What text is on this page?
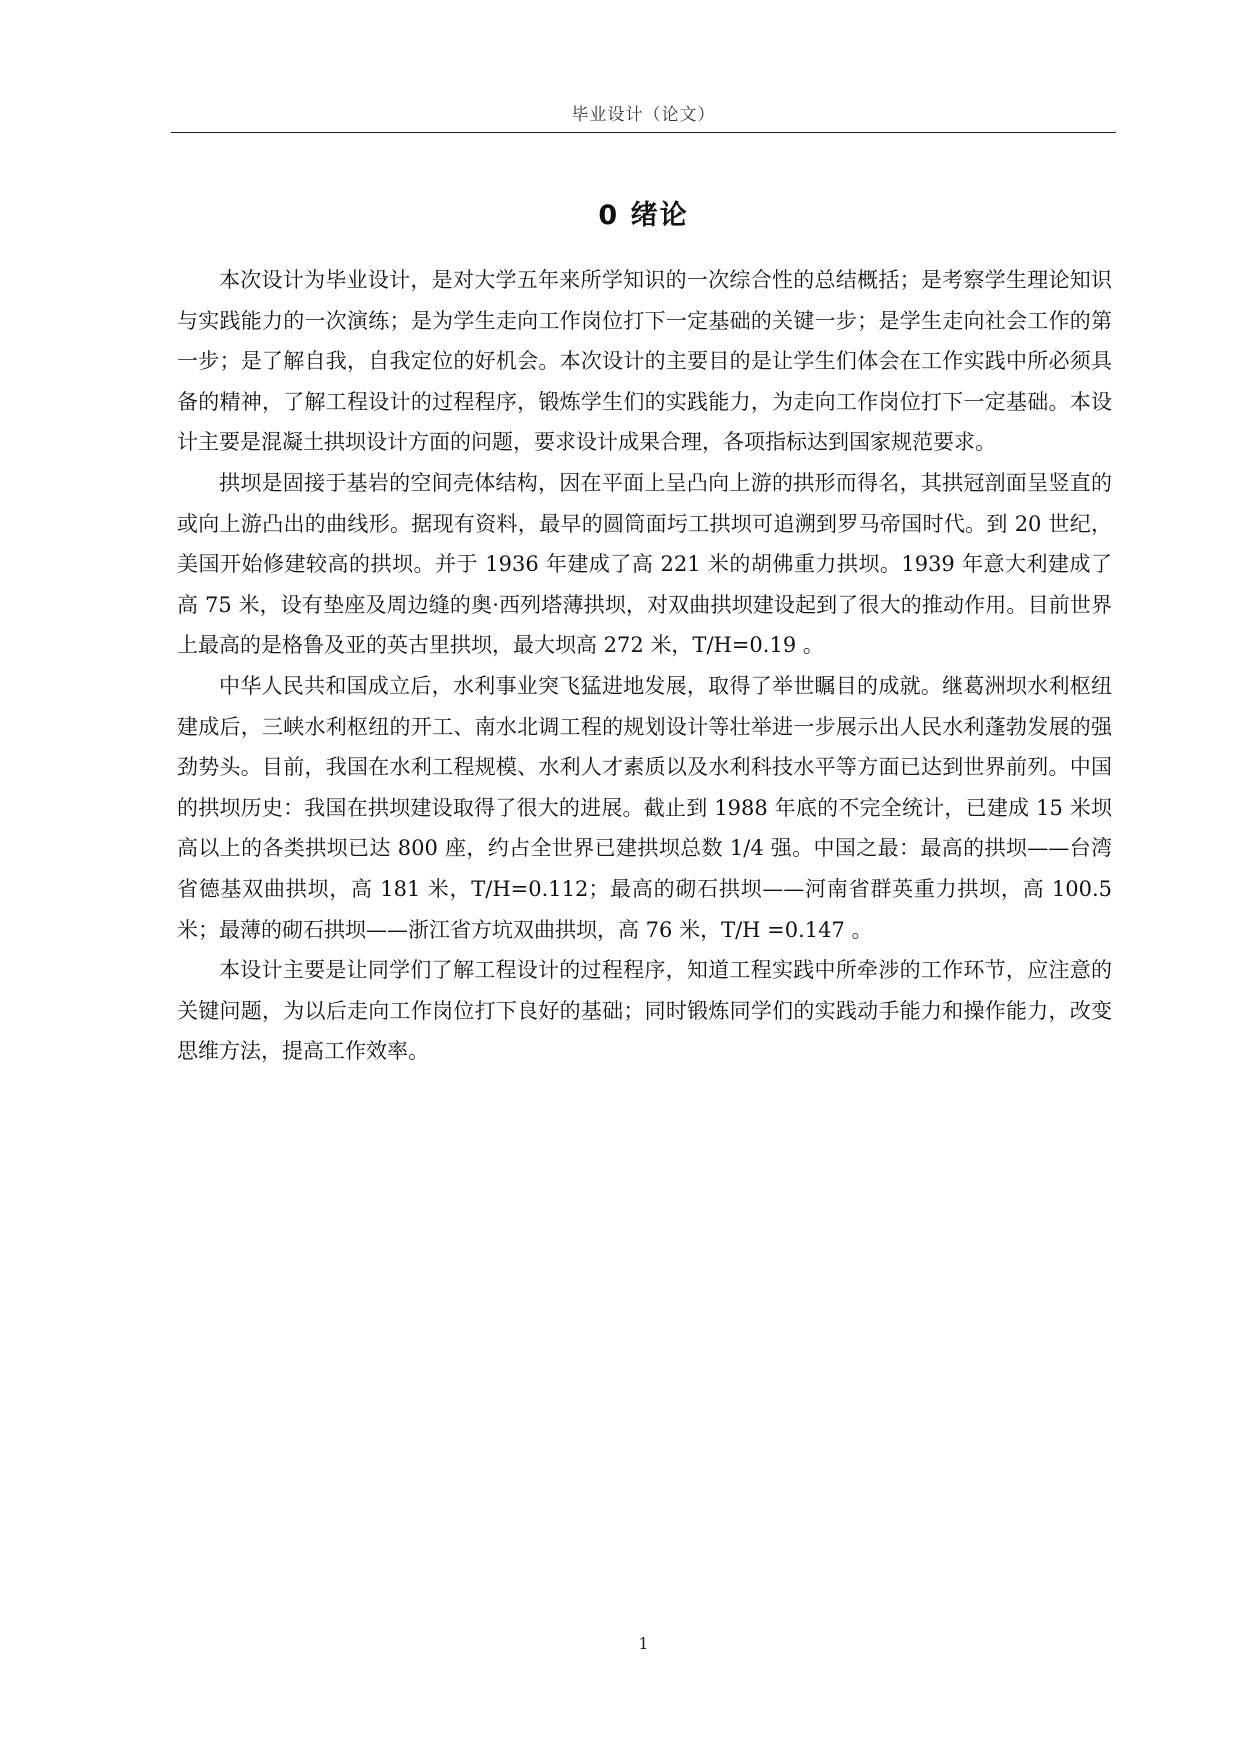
毕业设计（论文）
0 绪论

本次设计为毕业设计，是对大学五年来所学知识的一次综合性的总结概括；是考察学生理论知识与实践能力的一次演练；是为学生走向工作岗位打下一定基础的关键一步；是学生走向社会工作的第一步；是了解自我，自我定位的好机会。本次设计的主要目的是让学生们体会在工作实践中所必须具备的精神，了解工程设计的过程程序，锻炼学生们的实践能力，为走向工作岗位打下一定基础。本设计主要是混凝土拱坝设计方面的问题，要求设计成果合理，各项指标达到国家规范要求。

拱坝是固接于基岩的空间壳体结构，因在平面上呈凸向上游的拱形而得名，其拱冠剖面呈竖直的或向上游凸出的曲线形。据现有资料，最早的圆筒面圬工拱坝可追溯到罗马帝国时代。到 20 世纪，美国开始修建较高的拱坝。并于 1936 年建成了高 221 米的胡佛重力拱坝。1939 年意大利建成了高 75 米，设有垫座及周边缝的奥·西列塔薄拱坝，对双曲拱坝建设起到了很大的推动作用。目前世界上最高的是格鲁及亚的英古里拱坝，最大坝高 272 米，T/H=0.19 。

中华人民共和国成立后，水利事业突飞猛进地发展，取得了举世瞩目的成就。继葛洲坝水利枢纽建成后，三峡水利枢纽的开工、南水北调工程的规划设计等壮举进一步展示出人民水利蓬勃发展的强劲势头。目前，我国在水利工程规模、水利人才素质以及水利科技水平等方面已达到世界前列。中国的拱坝历史：我国在拱坝建设取得了很大的进展。截止到 1988 年底的不完全统计，已建成 15 米坝高以上的各类拱坝已达 800 座，约占全世界已建拱坝总数 1/4 强。中国之最：最高的拱坝——台湾省德基双曲拱坝，高 181 米，T/H=0.112；最高的砌石拱坝——河南省群英重力拱坝，高 100.5 米；最薄的砌石拱坝——浙江省方坑双曲拱坝，高 76 米，T/H =0.147 。

本设计主要是让同学们了解工程设计的过程程序，知道工程实践中所牵涉的工作环节，应注意的关键问题，为以后走向工作岗位打下良好的基础；同时锻炼同学们的实践动手能力和操作能力，改变思维方法，提高工作效率。

1
